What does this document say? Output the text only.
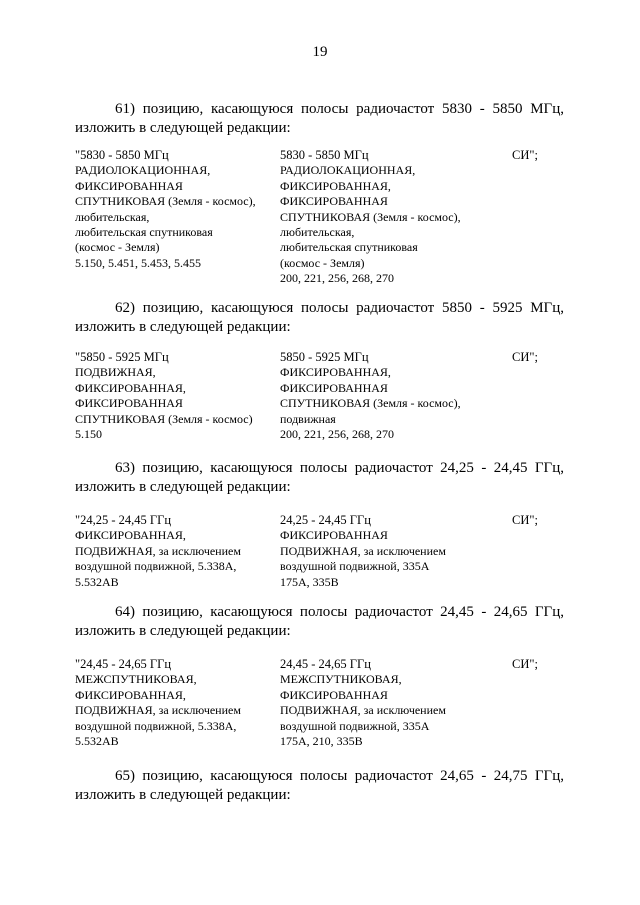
19
61) позицию, касающуюся полосы радиочастот 5830 - 5850 МГц,
изложить в следующей редакции:
"5830 - 5850 МГц
РАДИОЛОКАЦИОННАЯ,
ФИКСИРОВАННАЯ
СПУТНИКОВАЯ (Земля - космос),
любительская,
любительская спутниковая
(космос - Земля)
5.150, 5.451, 5.453, 5.455
5830 - 5850 МГц
РАДИОЛОКАЦИОННАЯ,
ФИКСИРОВАННАЯ,
ФИКСИРОВАННАЯ
СПУТНИКОВАЯ (Земля - космос),
любительская,
любительская спутниковая
(космос - Земля)
200, 221, 256, 268, 270
СИ";
62) позицию, касающуюся полосы радиочастот 5850 - 5925 МГц,
изложить в следующей редакции:
"5850 - 5925 МГц
ПОДВИЖНАЯ,
ФИКСИРОВАННАЯ,
ФИКСИРОВАННАЯ
СПУТНИКОВАЯ (Земля - космос)
5.150
5850 - 5925 МГц
ФИКСИРОВАННАЯ,
ФИКСИРОВАННАЯ
СПУТНИКОВАЯ (Земля - космос),
подвижная
200, 221, 256, 268, 270
СИ";
63) позицию, касающуюся полосы радиочастот 24,25 - 24,45 ГГц,
изложить в следующей редакции:
"24,25 - 24,45 ГГц
ФИКСИРОВАННАЯ,
ПОДВИЖНАЯ, за исключением
воздушной подвижной, 5.338А,
5.532АВ
24,25 - 24,45 ГГц
ФИКСИРОВАННАЯ
ПОДВИЖНАЯ, за исключением
воздушной подвижной, 335А
175А, 335В
СИ";
64) позицию, касающуюся полосы радиочастот 24,45 - 24,65 ГГц,
изложить в следующей редакции:
"24,45 - 24,65 ГГц
МЕЖСПУТНИКОВАЯ,
ФИКСИРОВАННАЯ,
ПОДВИЖНАЯ, за исключением
воздушной подвижной, 5.338А,
5.532АВ
24,45 - 24,65 ГГц
МЕЖСПУТНИКОВАЯ,
ФИКСИРОВАННАЯ
ПОДВИЖНАЯ, за исключением
воздушной подвижной, 335А
175А, 210, 335В
СИ";
65) позицию, касающуюся полосы радиочастот 24,65 - 24,75 ГГц,
изложить в следующей редакции:
